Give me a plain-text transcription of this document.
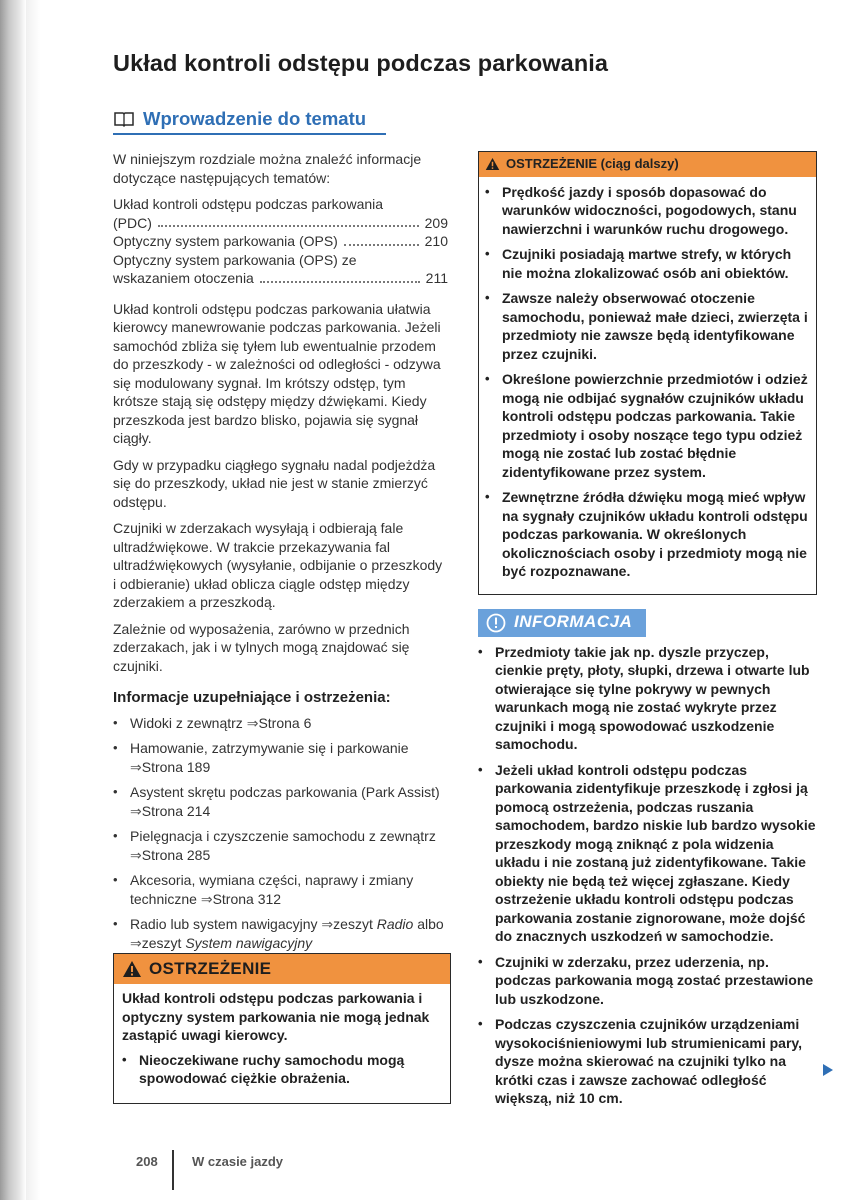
Układ kontroli odstępu podczas parkowania
Wprowadzenie do tematu

W niniejszym rozdziale można znaleźć informacje dotyczące następujących tematów:

Układ kontroli odstępu podczas parkowania
(PDC)	209
Optyczny system parkowania (OPS)	210
Optyczny system parkowania (OPS) ze
wskazaniem otoczenia	211

Układ kontroli odstępu podczas parkowania ułatwia kierowcy manewrowanie podczas parkowania. Jeżeli samochód zbliża się tyłem lub ewentualnie przodem do przeszkody - w zależności od odległości - odzywa się modulowany sygnał. Im krótszy odstęp, tym krótsze stają się odstępy między dźwiękami. Kiedy przeszkoda jest bardzo blisko, pojawia się sygnał ciągły.

Gdy w przypadku ciągłego sygnału nadal podjeżdża się do przeszkody, układ nie jest w stanie zmierzyć odstępu.

Czujniki w zderzakach wysyłają i odbierają fale ultradźwiękowe. W trakcie przekazywania fal ultradźwiękowych (wysyłanie, odbijanie o przeszkody i odbieranie) układ oblicza ciągle odstęp między zderzakiem a przeszkodą.

Zależnie od wyposażenia, zarówno w przednich zderzakach, jak i w tylnych mogą znajdować się czujniki.

Informacje uzupełniające i ostrzeżenia:
• Widoki z zewnątrz ⇒Strona 6
• Hamowanie, zatrzymywanie się i parkowanie ⇒Strona 189
• Asystent skrętu podczas parkowania (Park Assist) ⇒Strona 214
• Pielęgnacja i czyszczenie samochodu z zewnątrz ⇒Strona 285
• Akcesoria, wymiana części, naprawy i zmiany techniczne ⇒Strona 312
• Radio lub system nawigacyjny ⇒zeszyt Radio albo ⇒zeszyt System nawigacyjny
OSTRZEŻENIE

Układ kontroli odstępu podczas parkowania i optyczny system parkowania nie mogą jednak zastąpić uwagi kierowcy.

• Nieoczekiwane ruchy samochodu mogą spowodować ciężkie obrażenia.
OSTRZEŻENIE (ciąg dalszy)
• Prędkość jazdy i sposób dopasować do warunków widoczności, pogodowych, stanu nawierzchni i warunków ruchu drogowego.
• Czujniki posiadają martwe strefy, w których nie można zlokalizować osób ani obiektów.
• Zawsze należy obserwować otoczenie samochodu, ponieważ małe dzieci, zwierzęta i przedmioty nie zawsze będą identyfikowane przez czujniki.
• Określone powierzchnie przedmiotów i odzież mogą nie odbijać sygnałów czujników układu kontroli odstępu podczas parkowania. Takie przedmioty i osoby noszące tego typu odzież mogą nie zostać lub zostać błędnie zidentyfikowane przez system.
• Zewnętrzne źródła dźwięku mogą mieć wpływ na sygnały czujników układu kontroli odstępu podczas parkowania. W określonych okolicznościach osoby i przedmioty mogą nie być rozpoznawane.
INFORMACJA
• Przedmioty takie jak np. dyszle przyczep, cienkie pręty, płoty, słupki, drzewa i otwarte lub otwierające się tylne pokrywy w pewnych warunkach mogą nie zostać wykryte przez czujniki i mogą spowodować uszkodzenie samochodu.
• Jeżeli układ kontroli odstępu podczas parkowania zidentyfikuje przeszkodę i zgłosi ją pomocą ostrzeżenia, podczas ruszania samochodem, bardzo niskie lub bardzo wysokie przeszkody mogą zniknąć z pola widzenia układu i nie zostaną już zidentyfikowane. Takie obiekty nie będą też więcej zgłaszane. Kiedy ostrzeżenie układu kontroli odstępu podczas parkowania zostanie zignorowane, może dojść do znacznych uszkodzeń w samochodzie.
• Czujniki w zderzaku, przez uderzenia, np. podczas parkowania mogą zostać przestawione lub uszkodzone.
• Podczas czyszczenia czujników urządzeniami wysokociśnieniowymi lub strumienicami pary, dysze można skierować na czujniki tylko na krótki czas i zawsze zachować odległość większą, niż 10 cm.
208	W czasie jazdy
